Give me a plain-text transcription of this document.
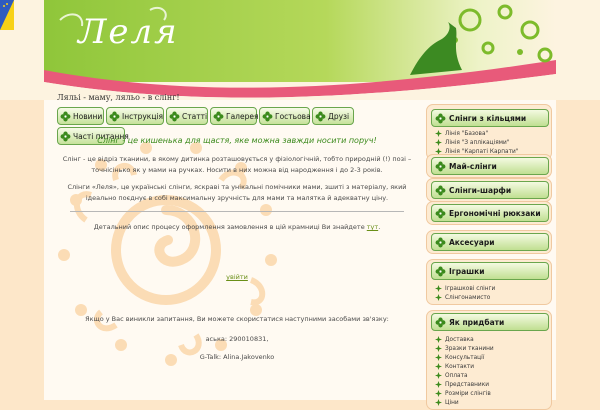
Леля
Ляльі - маму, ляльо - в слінг!
Новини	Інструкція	Статті	Галерея Гостьова Друзі
Часті питання
Слінг - це кишенька для щастя, яке можна завжди носити поруч!
Слінг - це відріз тканини, в якому дитинка розташовується у фізіологічній, тобто природній (!) позі – точнісінько як у мами на ручках. Носити в них можна від народження і до 2-3 років.
Слінги «Леля», це українські слінги, яскраві та унікальні помічники мами, зшиті з матеріалу, який ідеально поєднує в собі максимальну зручність для мами та малятка й адекватну ціну.
Детальний опис процесу оформлення замовлення в цій крамниці Ви знайдете тут.
увійти
Якщо у Вас виникли запитання, Ви можете скористатися наступними засобами зв'язку:
аська: 290010831,
G-Talk: Alina.Jakovenko
Слінги з кільцями
Лінія "Базова"
Лінія "З аплікаціями"
Лінія "Карпаті Карпати"
Май-слінги
Слінги-шарфи
Ергономічні рюкзаки
Аксесуари
Іграшки
Іграшкові слінги
Слінгонамисто
Як придбати
Доставка
Зразки тканини
Консультації
Контакти
Оплата
Представники
Розміри слінгів
Ціни
